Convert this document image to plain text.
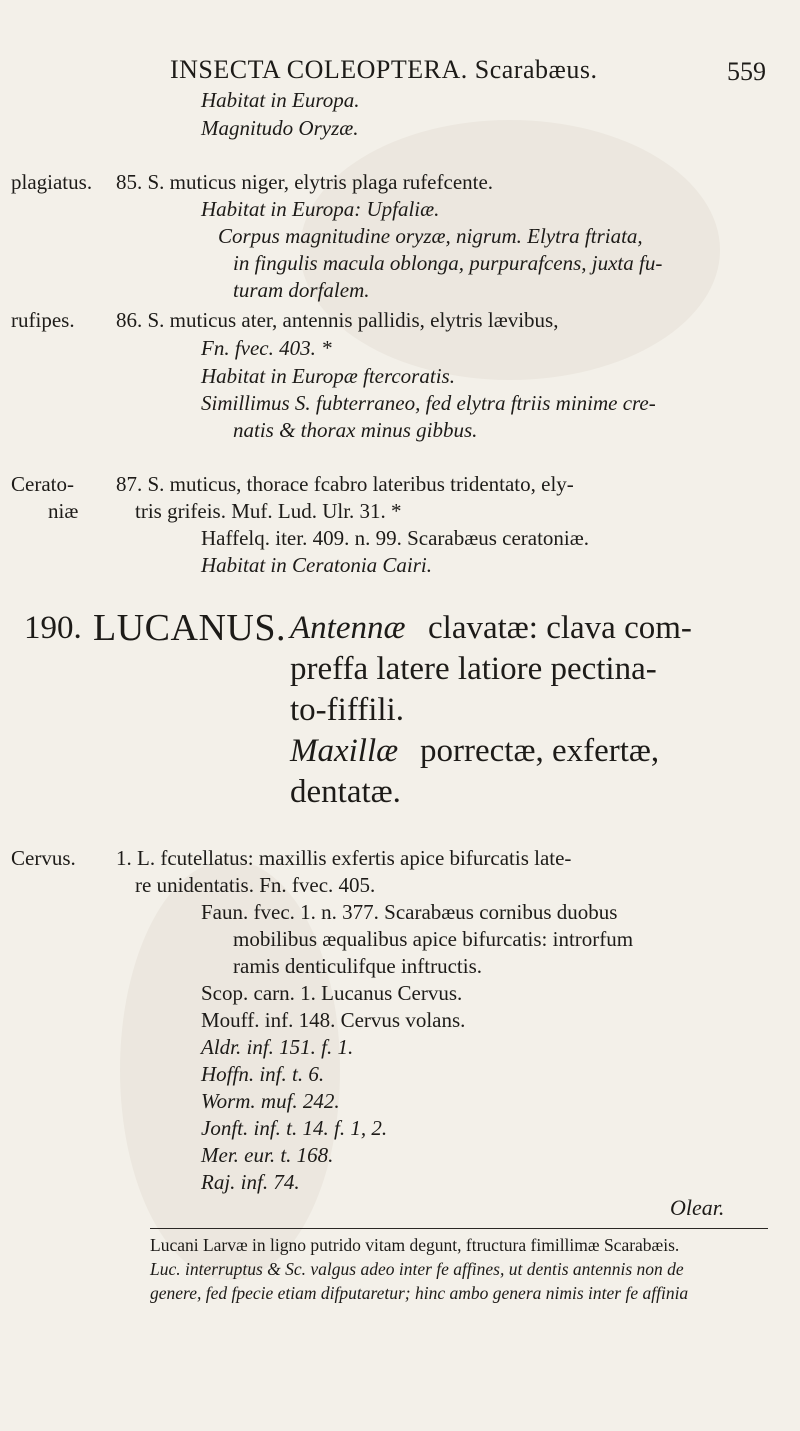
INSECTA COLEOPTERA. Scarabæus.	559
Habitat in Europa.
Magnitudo Oryzæ.
plagiatus. 85. S. muticus niger, elytris plaga rufefcente.
Habitat in Europa: Upfaliæ.
Corpus magnitudine oryzæ, nigrum. Elytra ftriata,
in fingulis macula oblonga, purpurafcens, juxta fu-
turam dorfalem.
rufipes. 86. S. muticus ater, antennis pallidis, elytris lævibus,
Fn. fvec. 403. *
Habitat in Europæ ftercoratis.
Simillimus S. fubterraneo, fed elytra ftriis minime cre-
natis & thorax minus gibbus.
Cerato-
niæ
87. S. muticus, thorace fcabro lateribus tridentato, ely-
tris grifeis. Muf. Lud. Ulr. 31. *
Haffelq. iter. 409. n. 99. Scarabæus ceratoniæ.
Habitat in Ceratonia Cairi.
190. LUCANUS. Antennæ clavatæ: clava com-
preffa latere latiore pectina-
to-fiffili.
Maxillæ porrectæ, exfertæ,
dentatæ.
Cervus. 1. L. fcutellatus: maxillis exfertis apice bifurcatis late-
re unidentatis. Fn. fvec. 405.
Faun. fvec. 1. n. 377. Scarabæus cornibus duobus
mobilibus æqualibus apice bifurcatis: introrfum
ramis denticulifque inftructis.
Scop. carn. 1. Lucanus Cervus.
Mouff. inf. 148. Cervus volans.
Aldr. inf. 151. f. 1.
Hoffn. inf. t. 6.
Worm. muf. 242.
Jonft. inf. t. 14. f. 1, 2.
Mer. eur. t. 168.
Raj. inf. 74.
Olear.
Lucani Larvæ in ligno putrido vitam degunt, ftructura fimillimæ Scarabæis.
Luc. interruptus & Sc. valgus adeo inter fe affines, ut dentis antennis non de
genere, fed fpecie etiam difputaretur; hinc ambo genera nimis inter fe affinia
